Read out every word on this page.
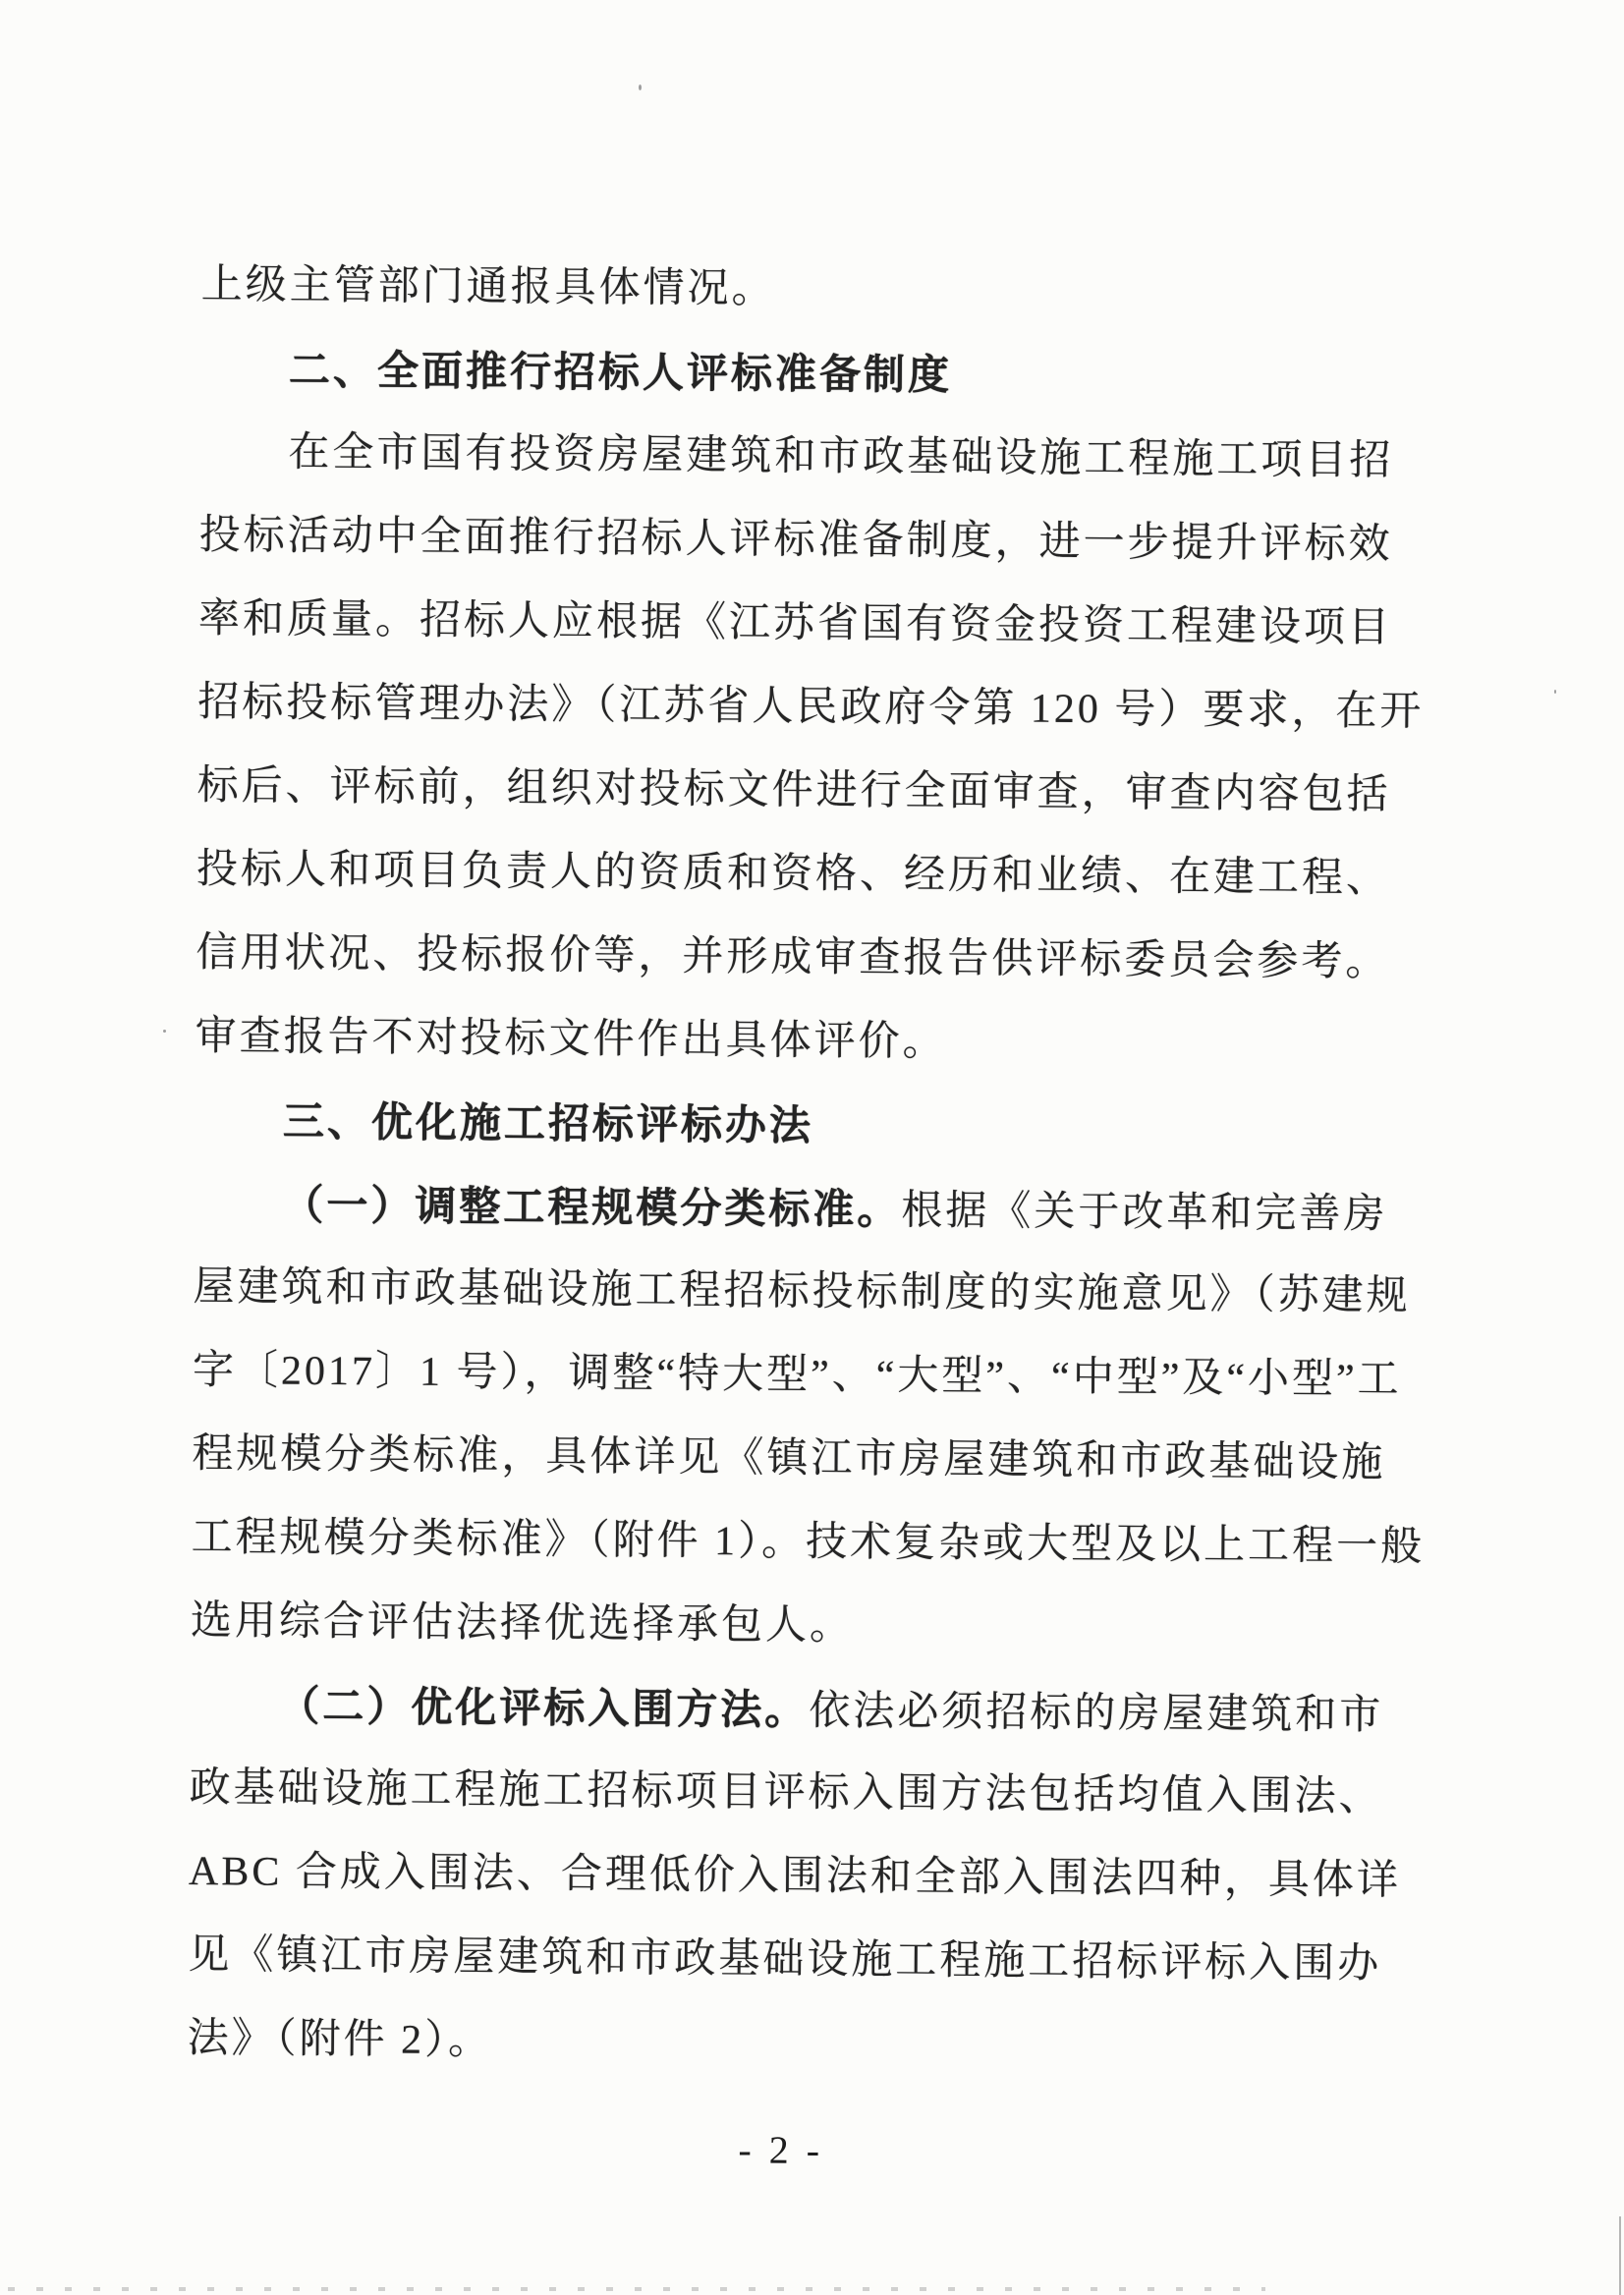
上级主管部门通报具体情况。
二、全面推行招标人评标准备制度
在全市国有投资房屋建筑和市政基础设施工程施工项目招
投标活动中全面推行招标人评标准备制度，进一步提升评标效
率和质量。招标人应根据《江苏省国有资金投资工程建设项目
招标投标管理办法》（江苏省人民政府令第 120 号）要求，在开
标后、评标前，组织对投标文件进行全面审查，审查内容包括
投标人和项目负责人的资质和资格、经历和业绩、在建工程、
信用状况、投标报价等，并形成审查报告供评标委员会参考。
审查报告不对投标文件作出具体评价。
三、优化施工招标评标办法
（一）调整工程规模分类标准。根据《关于改革和完善房
屋建筑和市政基础设施工程招标投标制度的实施意见》（苏建规
字〔2017〕1 号），调整“特大型”、“大型”、“中型”及“小型”工
程规模分类标准，具体详见《镇江市房屋建筑和市政基础设施
工程规模分类标准》（附件 1）。技术复杂或大型及以上工程一般
选用综合评估法择优选择承包人。
（二）优化评标入围方法。依法必须招标的房屋建筑和市
政基础设施工程施工招标项目评标入围方法包括均值入围法、
ABC 合成入围法、合理低价入围法和全部入围法四种，具体详
见《镇江市房屋建筑和市政基础设施工程施工招标评标入围办
法》（附件 2）。
- 2 -
